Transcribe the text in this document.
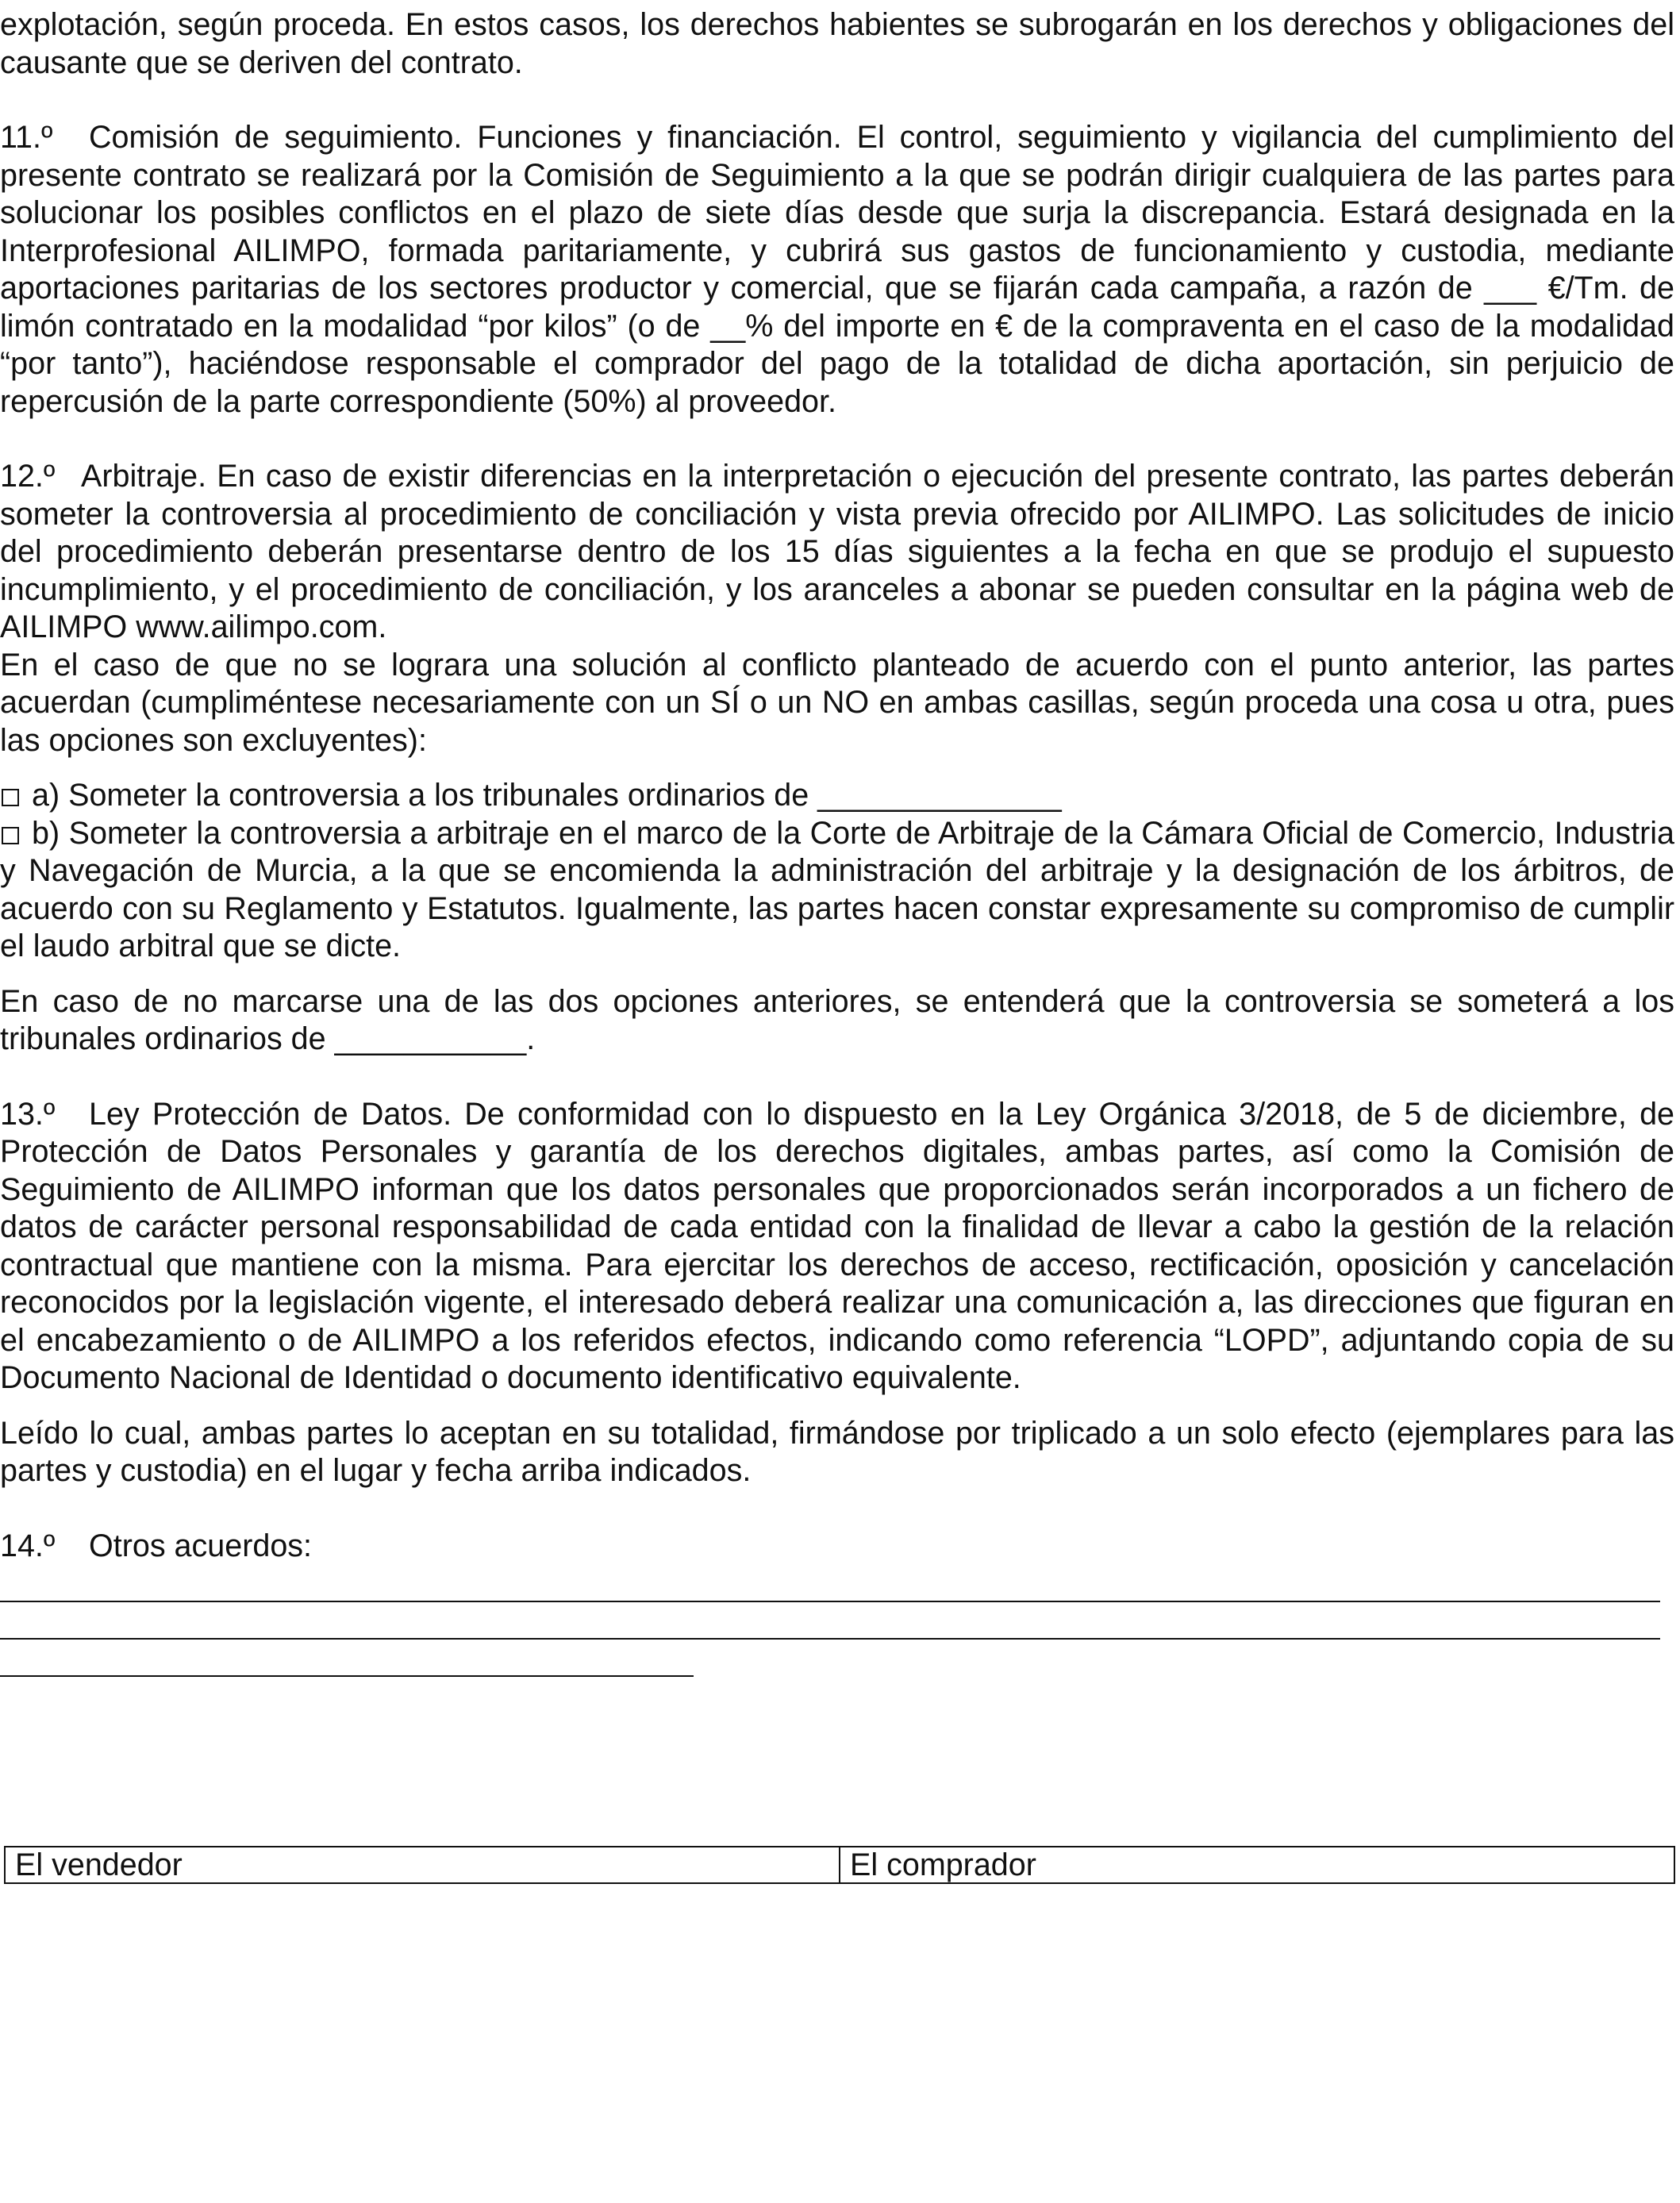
explotación, según proceda. En estos casos, los derechos habientes se subrogarán en los derechos y obligaciones del causante que se deriven del contrato.

11.º Comisión de seguimiento. Funciones y financiación. El control, seguimiento y vigilancia del cumplimiento del presente contrato se realizará por la Comisión de Seguimiento a la que se podrán dirigir cualquiera de las partes para solucionar los posibles conflictos en el plazo de siete días desde que surja la discrepancia. Estará designada en la Interprofesional AILIMPO, formada paritariamente, y cubrirá sus gastos de funcionamiento y custodia, mediante aportaciones paritarias de los sectores productor y comercial, que se fijarán cada campaña, a razón de ___ €/Tm. de limón contratado en la modalidad “por kilos” (o de __% del importe en € de la compraventa en el caso de la modalidad “por tanto”), haciéndose responsable el comprador del pago de la totalidad de dicha aportación, sin perjuicio de repercusión de la parte correspondiente (50%) al proveedor.

12.º Arbitraje. En caso de existir diferencias en la interpretación o ejecución del presente contrato, las partes deberán someter la controversia al procedimiento de conciliación y vista previa ofrecido por AILIMPO. Las solicitudes de inicio del procedimiento deberán presentarse dentro de los 15 días siguientes a la fecha en que se produjo el supuesto incumplimiento, y el procedimiento de conciliación, y los aranceles a abonar se pueden consultar en la página web de AILIMPO www.ailimpo.com.

En el caso de que no se lograra una solución al conflicto planteado de acuerdo con el punto anterior, las partes acuerdan (cumpliméntese necesariamente con un SÍ o un NO en ambas casillas, según proceda una cosa u otra, pues las opciones son excluyentes):

a) Someter la controversia a los tribunales ordinarios de ______________

b) Someter la controversia a arbitraje en el marco de la Corte de Arbitraje de la Cámara Oficial de Comercio, Industria y Navegación de Murcia, a la que se encomienda la administración del arbitraje y la designación de los árbitros, de acuerdo con su Reglamento y Estatutos. Igualmente, las partes hacen constar expresamente su compromiso de cumplir el laudo arbitral que se dicte.

En caso de no marcarse una de las dos opciones anteriores, se entenderá que la controversia se someterá a los tribunales ordinarios de ___________.

13.º Ley Protección de Datos. De conformidad con lo dispuesto en la Ley Orgánica 3/2018, de 5 de diciembre, de Protección de Datos Personales y garantía de los derechos digitales, ambas partes, así como la Comisión de Seguimiento de AILIMPO informan que los datos personales que proporcionados serán incorporados a un fichero de datos de carácter personal responsabilidad de cada entidad con la finalidad de llevar a cabo la gestión de la relación contractual que mantiene con la misma. Para ejercitar los derechos de acceso, rectificación, oposición y cancelación reconocidos por la legislación vigente, el interesado deberá realizar una comunicación a, las direcciones que figuran en el encabezamiento o de AILIMPO a los referidos efectos, indicando como referencia “LOPD”, adjuntando copia de su Documento Nacional de Identidad o documento identificativo equivalente.

Leído lo cual, ambas partes lo aceptan en su totalidad, firmándose por triplicado a un solo efecto (ejemplares para las partes y custodia) en el lugar y fecha arriba indicados.

14.º Otros acuerdos:

El vendedor	El comprador
